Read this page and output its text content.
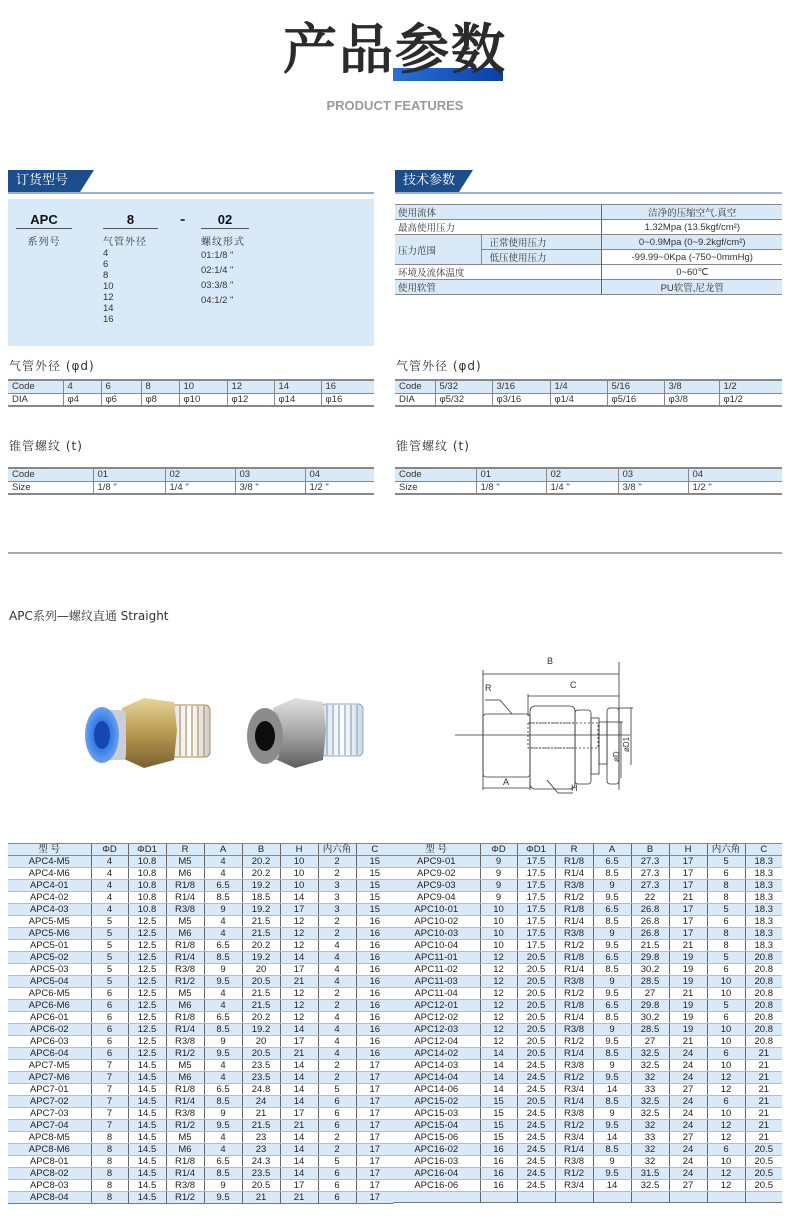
产品参数
PRODUCT FEATURES
订货型号
APC
系列号
8
气管外径
4
6
8
10
12
14
16
-	02
螺纹形式
01:1/8 "
02:1/4 "
03:3/8 "
04:1/2 "
技术参数
使用流体		洁净的压缩空气.真空
最高使用压力		1.32Mpa (13.5kgf/cm²)
压力范围	正常使用压力	0~0.9Mpa (0~9.2kgf/cm²)
	低压使用压力	-99.99~0Kpa (-750~0mmHg)
环境及流体温度		0~60℃
使用软管		PU软管,尼龙管
气管外径 (φd)
Code	4	6	8	10	12	14	16
DIA	φ4	φ6	φ8	φ10	φ12	φ14	φ16
气管外径 (φd)
Code	5/32	3/16	1/4	5/16	3/8	1/2
DIA	φ5/32	φ3/16	φ1/4	φ5/16	φ3/8	φ1/2
锥管螺纹 (t)
Code	01	02	03	04
Size	1/8 "	1/4 "	3/8 "	1/2 "
锥管螺纹 (t)
Code	01	02	03	04
Size	1/8 "	1/4 "	3/8 "	1/2 "
APC系列—螺纹直通 Straight
B
C
R
A
H
øD
øD1
型 号	ΦD	ΦD1	R	A	B	H	内六角	C
APC4-M5	4	10.8	M5	4	20.2	10	2	15
APC4-M6	4	10.8	M6	4	20.2	10	2	15
APC4-01	4	10.8	R1/8	6.5	19.2	10	3	15
APC4-02	4	10.8	R1/4	8.5	18.5	14	3	15
APC4-03	4	10.8	R3/8	9	19.2	17	3	15
APC5-M5	5	12.5	M5	4	21.5	12	2	16
APC5-M6	5	12.5	M6	4	21.5	12	2	16
APC5-01	5	12.5	R1/8	6.5	20.2	12	4	16
APC5-02	5	12.5	R1/4	8.5	19.2	14	4	16
APC5-03	5	12.5	R3/8	9	20	17	4	16
APC5-04	5	12.5	R1/2	9.5	20.5	21	4	16
APC6-M5	6	12.5	M5	4	21.5	12	2	16
APC6-M6	6	12.5	M6	4	21.5	12	2	16
APC6-01	6	12.5	R1/8	6.5	20.2	12	4	16
APC6-02	6	12.5	R1/4	8.5	19.2	14	4	16
APC6-03	6	12.5	R3/8	9	20	17	4	16
APC6-04	6	12.5	R1/2	9.5	20.5	21	4	16
APC7-M5	7	14.5	M5	4	23.5	14	2	17
APC7-M6	7	14.5	M6	4	23.5	14	2	17
APC7-01	7	14.5	R1/8	6.5	24.8	14	5	17
APC7-02	7	14.5	R1/4	8.5	24	14	6	17
APC7-03	7	14.5	R3/8	9	21	17	6	17
APC7-04	7	14.5	R1/2	9.5	21.5	21	6	17
APC8-M5	8	14.5	M5	4	23	14	2	17
APC8-M6	8	14.5	M6	4	23	14	2	17
APC8-01	8	14.5	R1/8	6.5	24.3	14	5	17
APC8-02	8	14.5	R1/4	8.5	23.5	14	6	17
APC8-03	8	14.5	R3/8	9	20.5	17	6	17
APC8-04	8	14.5	R1/2	9.5	21	21	6	17
型 号	ΦD	ΦD1	R	A	B	H	内六角	C
APC9-01	9	17.5	R1/8	6.5	27.3	17	5	18.3
APC9-02	9	17.5	R1/4	8.5	27.3	17	6	18.3
APC9-03	9	17.5	R3/8	9	27.3	17	8	18.3
APC9-04	9	17.5	R1/2	9.5	22	21	8	18.3
APC10-01	10	17.5	R1/8	6.5	26.8	17	5	18.3
APC10-02	10	17.5	R1/4	8.5	26.8	17	6	18.3
APC10-03	10	17.5	R3/8	9	26.8	17	8	18.3
APC10-04	10	17.5	R1/2	9.5	21.5	21	8	18.3
APC11-01	12	20.5	R1/8	6.5	29.8	19	5	20.8
APC11-02	12	20.5	R1/4	8.5	30.2	19	6	20.8
APC11-03	12	20.5	R3/8	9	28.5	19	10	20.8
APC11-04	12	20.5	R1/2	9.5	27	21	10	20.8
APC12-01	12	20.5	R1/8	6.5	29.8	19	5	20.8
APC12-02	12	20.5	R1/4	8.5	30.2	19	6	20.8
APC12-03	12	20.5	R3/8	9	28.5	19	10	20.8
APC12-04	12	20.5	R1/2	9.5	27	21	10	20.8
APC14-02	14	20.5	R1/4	8.5	32.5	24	6	21
APC14-03	14	24.5	R3/8	9	32.5	24	10	21
APC14-04	14	24.5	R1/2	9.5	32	24	12	21
APC14-06	14	24.5	R3/4	14	33	27	12	21
APC15-02	15	20.5	R1/4	8.5	32.5	24	6	21
APC15-03	15	24.5	R3/8	9	32.5	24	10	21
APC15-04	15	24.5	R1/2	9.5	32	24	12	21
APC15-06	15	24.5	R3/4	14	33	27	12	21
APC16-02	16	24.5	R1/4	8.5	32	24	6	20.5
APC16-03	16	24.5	R3/8	9	32	24	10	20.5
APC16-04	16	24.5	R1/2	9.5	31.5	24	12	20.5
APC16-06	16	24.5	R3/4	14	32.5	27	12	20.5
